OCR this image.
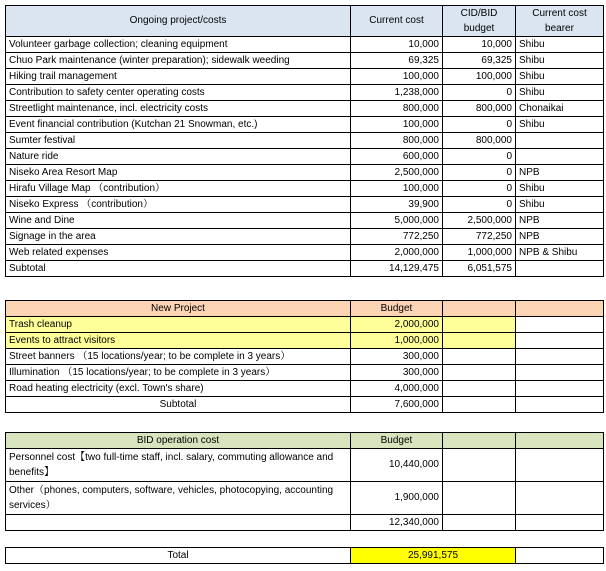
Ongoing project/costs	Current cost	CID/BID budget	Current cost bearer
Volunteer garbage collection; cleaning equipment	10,000	10,000	Shibu
Chuo Park maintenance (winter preparation); sidewalk weeding	69,325	69,325	Shibu
Hiking trail management	100,000	100,000	Shibu
Contribution to safety center operating costs	1,238,000	0	Shibu
Streetlight maintenance, incl. electricity costs	800,000	800,000	Chonaikai
Event financial contribution (Kutchan 21 Snowman, etc.)	100,000	0	Shibu
Sumter festival	800,000	800,000	
Nature ride	600,000	0	
Niseko Area Resort Map	2,500,000	0	NPB
Hirafu Village Map （contribution）	100,000	0	Shibu
Niseko Express （contribution）	39,900	0	Shibu
Wine and Dine	5,000,000	2,500,000	NPB
Signage in the area	772,250	772,250	NPB
Web related expenses	2,000,000	1,000,000	NPB & Shibu
Subtotal	14,129,475	6,051,575	
New Project	Budget		
Trash cleanup	2,000,000		
Events to attract visitors	1,000,000		
Street banners （15 locations/year; to be complete in 3 years）	300,000		
Illumination （15 locations/year; to be complete in 3 years）	300,000		
Road heating electricity (excl. Town's share)	4,000,000		
Subtotal	7,600,000		
BID operation cost	Budget		
Personnel cost【two full-time staff, incl. salary, commuting allowance and benefits】	10,440,000		
Other（phones, computers, software, vehicles, photocopying, accounting services）	1,900,000		
	12,340,000		
Total	25,991,575	
